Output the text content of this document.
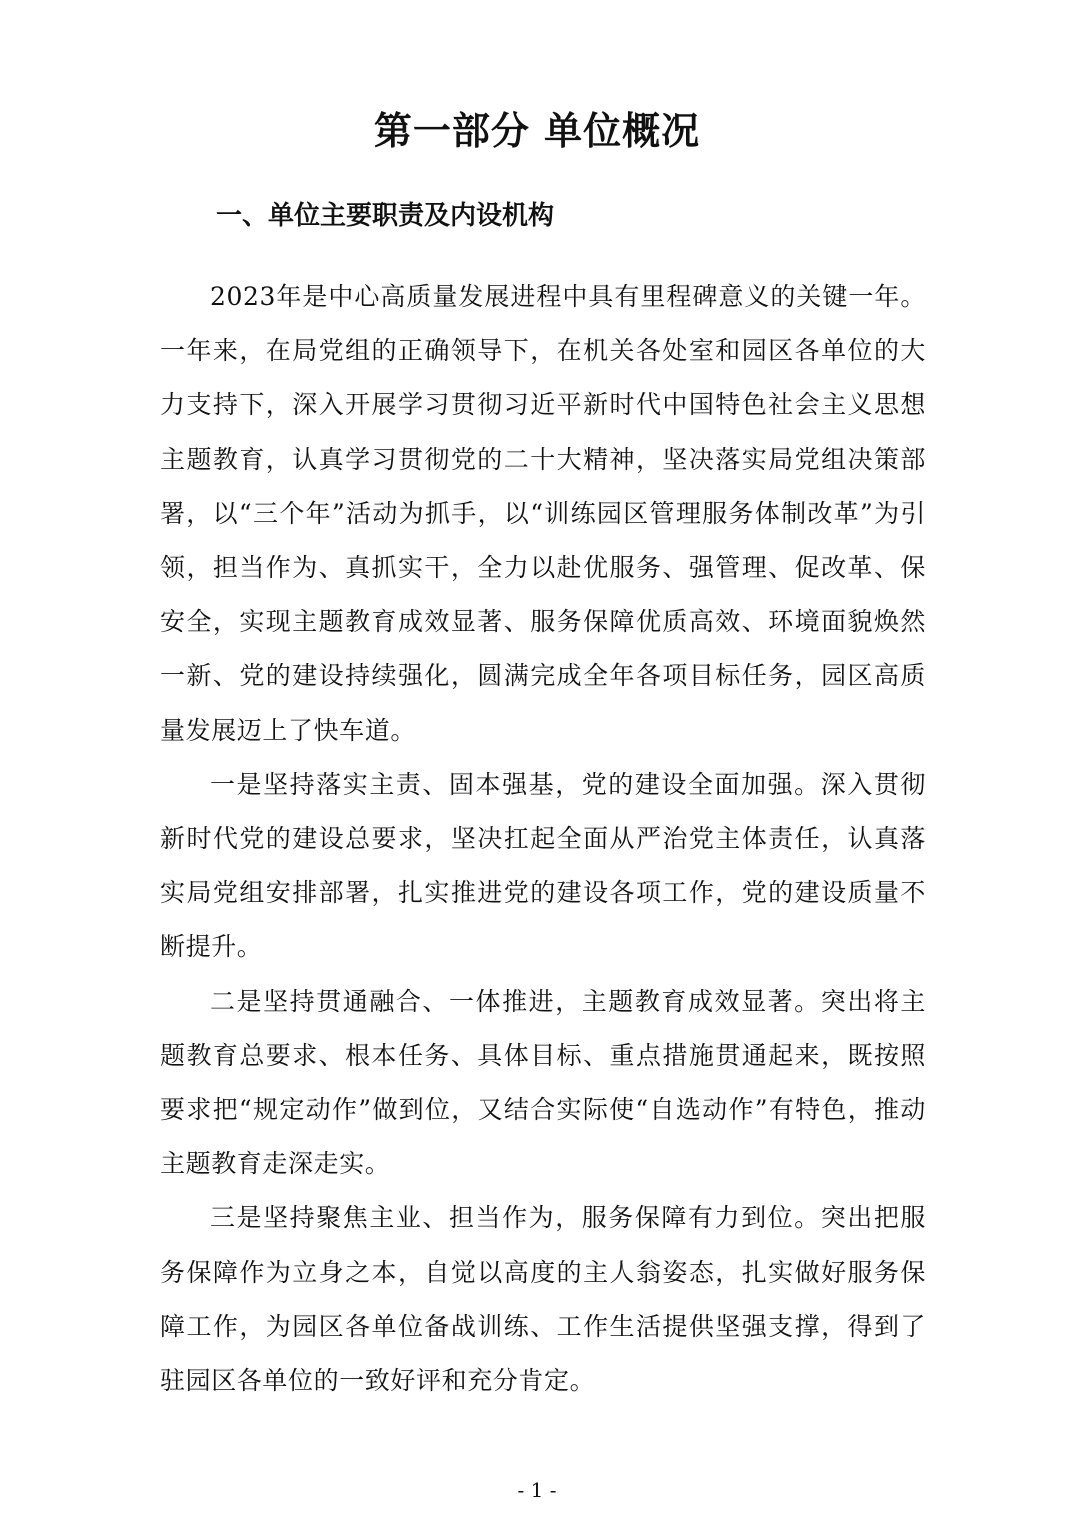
第一部分 单位概况
一、单位主要职责及内设机构

2023年是中心高质量发展进程中具有里程碑意义的关键一年。一年来，在局党组的正确领导下，在机关各处室和园区各单位的大力支持下，深入开展学习贯彻习近平新时代中国特色社会主义思想主题教育，认真学习贯彻党的二十大精神，坚决落实局党组决策部署，以“三个年”活动为抓手，以“训练园区管理服务体制改革”为引领，担当作为、真抓实干，全力以赴优服务、强管理、促改革、保安全，实现主题教育成效显著、服务保障优质高效、环境面貌焕然一新、党的建设持续强化，圆满完成全年各项目标任务，园区高质量发展迈上了快车道。

一是坚持落实主责、固本强基，党的建设全面加强。深入贯彻新时代党的建设总要求，坚决扛起全面从严治党主体责任，认真落实局党组安排部署，扎实推进党的建设各项工作，党的建设质量不断提升。

二是坚持贯通融合、一体推进，主题教育成效显著。突出将主题教育总要求、根本任务、具体目标、重点措施贯通起来，既按照要求把“规定动作”做到位，又结合实际使“自选动作”有特色，推动主题教育走深走实。

三是坚持聚焦主业、担当作为，服务保障有力到位。突出把服务保障作为立身之本，自觉以高度的主人翁姿态，扎实做好服务保障工作，为园区各单位备战训练、工作生活提供坚强支撑，得到了驻园区各单位的一致好评和充分肯定。

- 1 -
